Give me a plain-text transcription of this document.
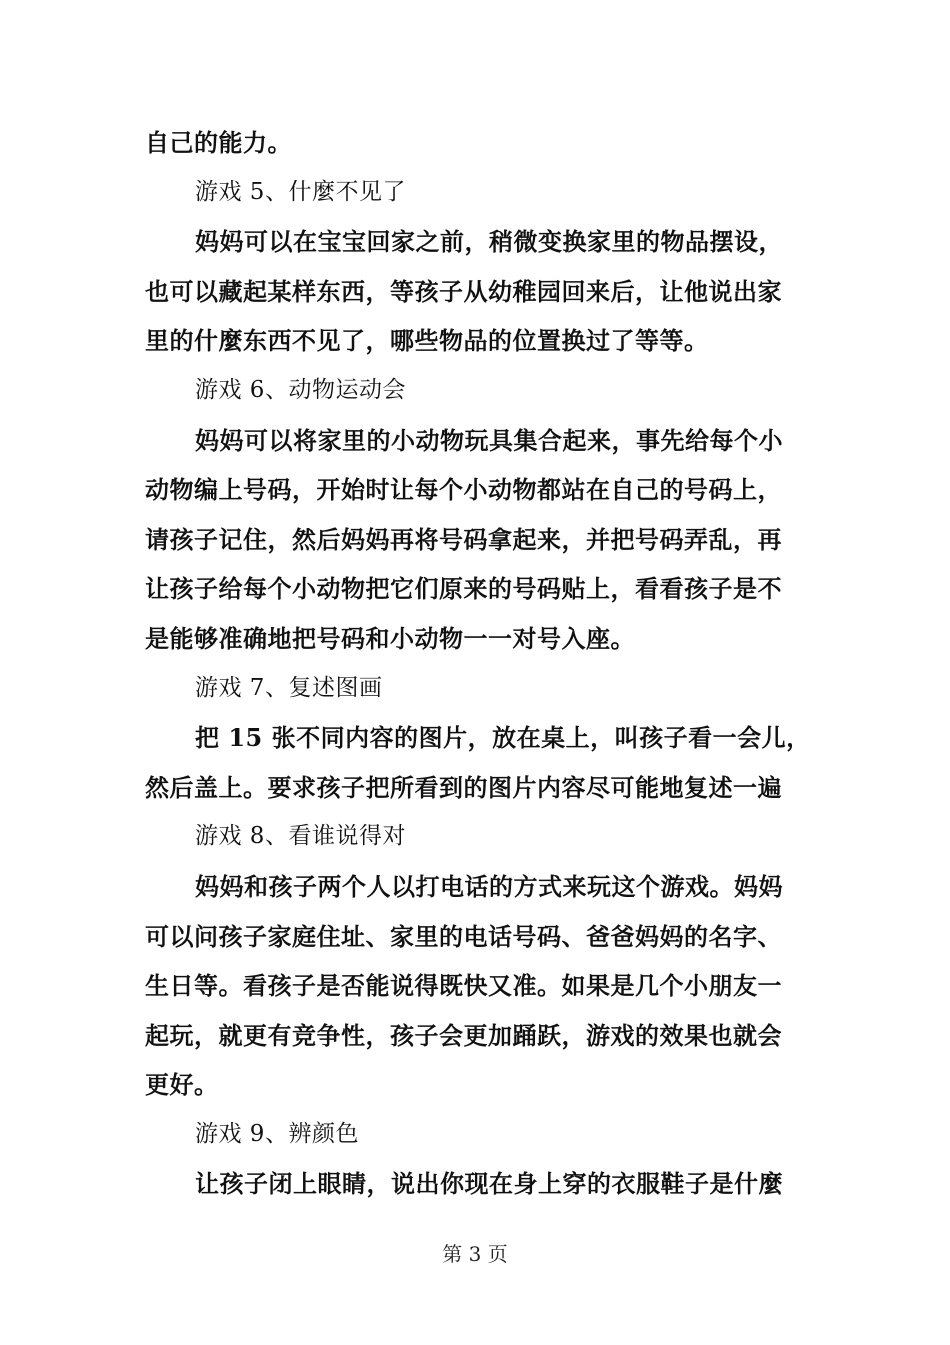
自己的能力。
游戏 5、什麼不见了
妈妈可以在宝宝回家之前，稍微变换家里的物品摆设，
也可以藏起某样东西，等孩子从幼稚园回来后，让他说出家
里的什麼东西不见了，哪些物品的位置换过了等等。
游戏 6、动物运动会
妈妈可以将家里的小动物玩具集合起来，事先给每个小
动物编上号码，开始时让每个小动物都站在自己的号码上，
请孩子记住，然后妈妈再将号码拿起来，并把号码弄乱，再
让孩子给每个小动物把它们原来的号码贴上，看看孩子是不
是能够准确地把号码和小动物一一对号入座。
游戏 7、复述图画
把 15 张不同内容的图片，放在桌上，叫孩子看一会儿，
然后盖上。要求孩子把所看到的图片内容尽可能地复述一遍
游戏 8、看谁说得对
妈妈和孩子两个人以打电话的方式来玩这个游戏。妈妈
可以问孩子家庭住址、家里的电话号码、爸爸妈妈的名字、
生日等。看孩子是否能说得既快又准。如果是几个小朋友一
起玩，就更有竞争性，孩子会更加踊跃，游戏的效果也就会
更好。
游戏 9、辨颜色
让孩子闭上眼睛，说出你现在身上穿的衣服鞋子是什麼
第 3 页
